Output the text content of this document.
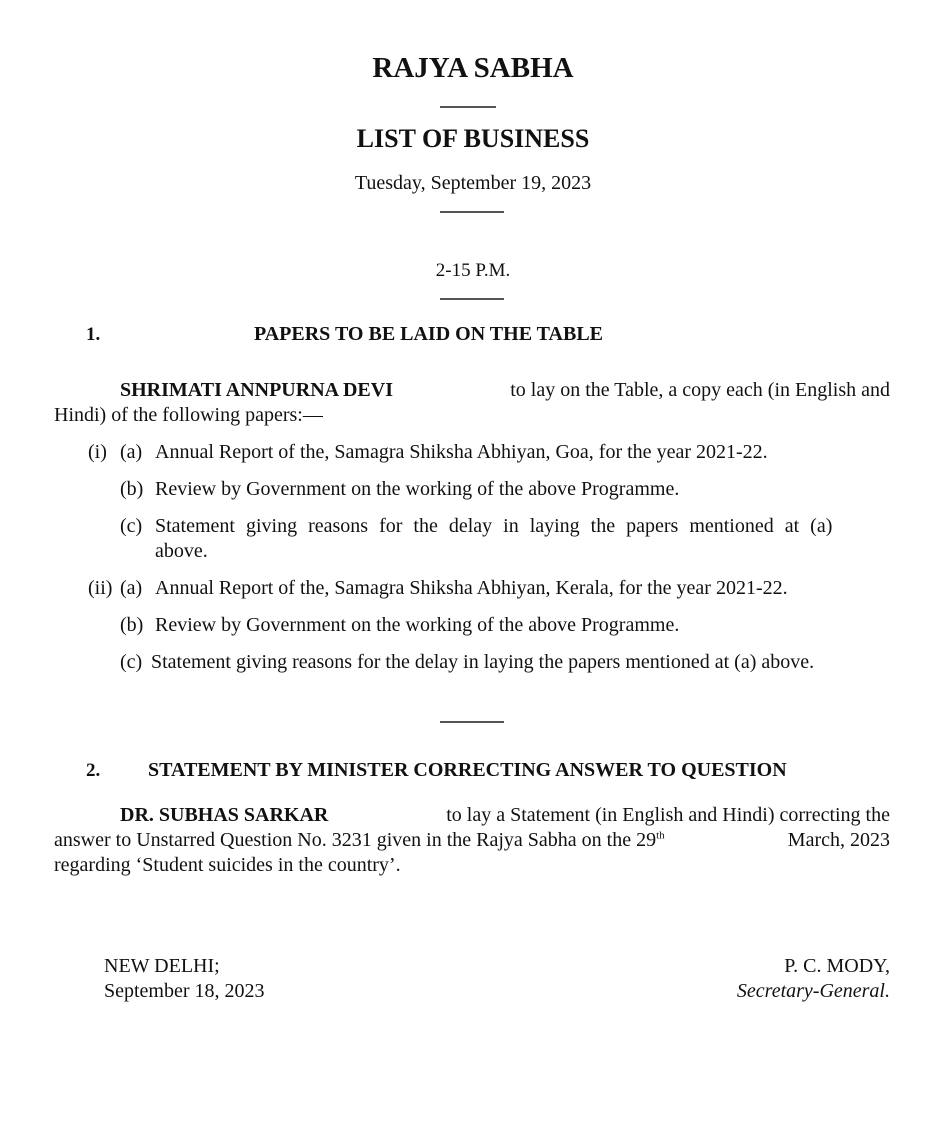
RAJYA SABHA
LIST OF BUSINESS
Tuesday, September 19, 2023
2-15 P.M.
1.	PAPERS TO BE LAID ON THE TABLE
SHRIMATI ANNPURNA DEVI	to lay on the Table, a copy each (in English and
Hindi) of the following papers:—
(i) (a) Annual Report of the, Samagra Shiksha Abhiyan, Goa, for the year 2021-22.
(b) Review by Government on the working of the above Programme.
(c) Statement giving reasons for the delay in laying the papers mentioned at (a)
above.
(ii) (a) Annual Report of the, Samagra Shiksha Abhiyan, Kerala, for the year 2021-22.
(b) Review by Government on the working of the above Programme.
(c) Statement giving reasons for the delay in laying the papers mentioned at (a) above.
2. STATEMENT BY MINISTER CORRECTING ANSWER TO QUESTION
DR. SUBHAS SARKAR	to lay a Statement (in English and Hindi) correcting the
answer to Unstarred Question No. 3231 given in the Rajya Sabha on the 29th	March, 2023
regarding ‘Student suicides in the country’.
NEW DELHI;
September 18, 2023
P. C. MODY,
Secretary-General.
